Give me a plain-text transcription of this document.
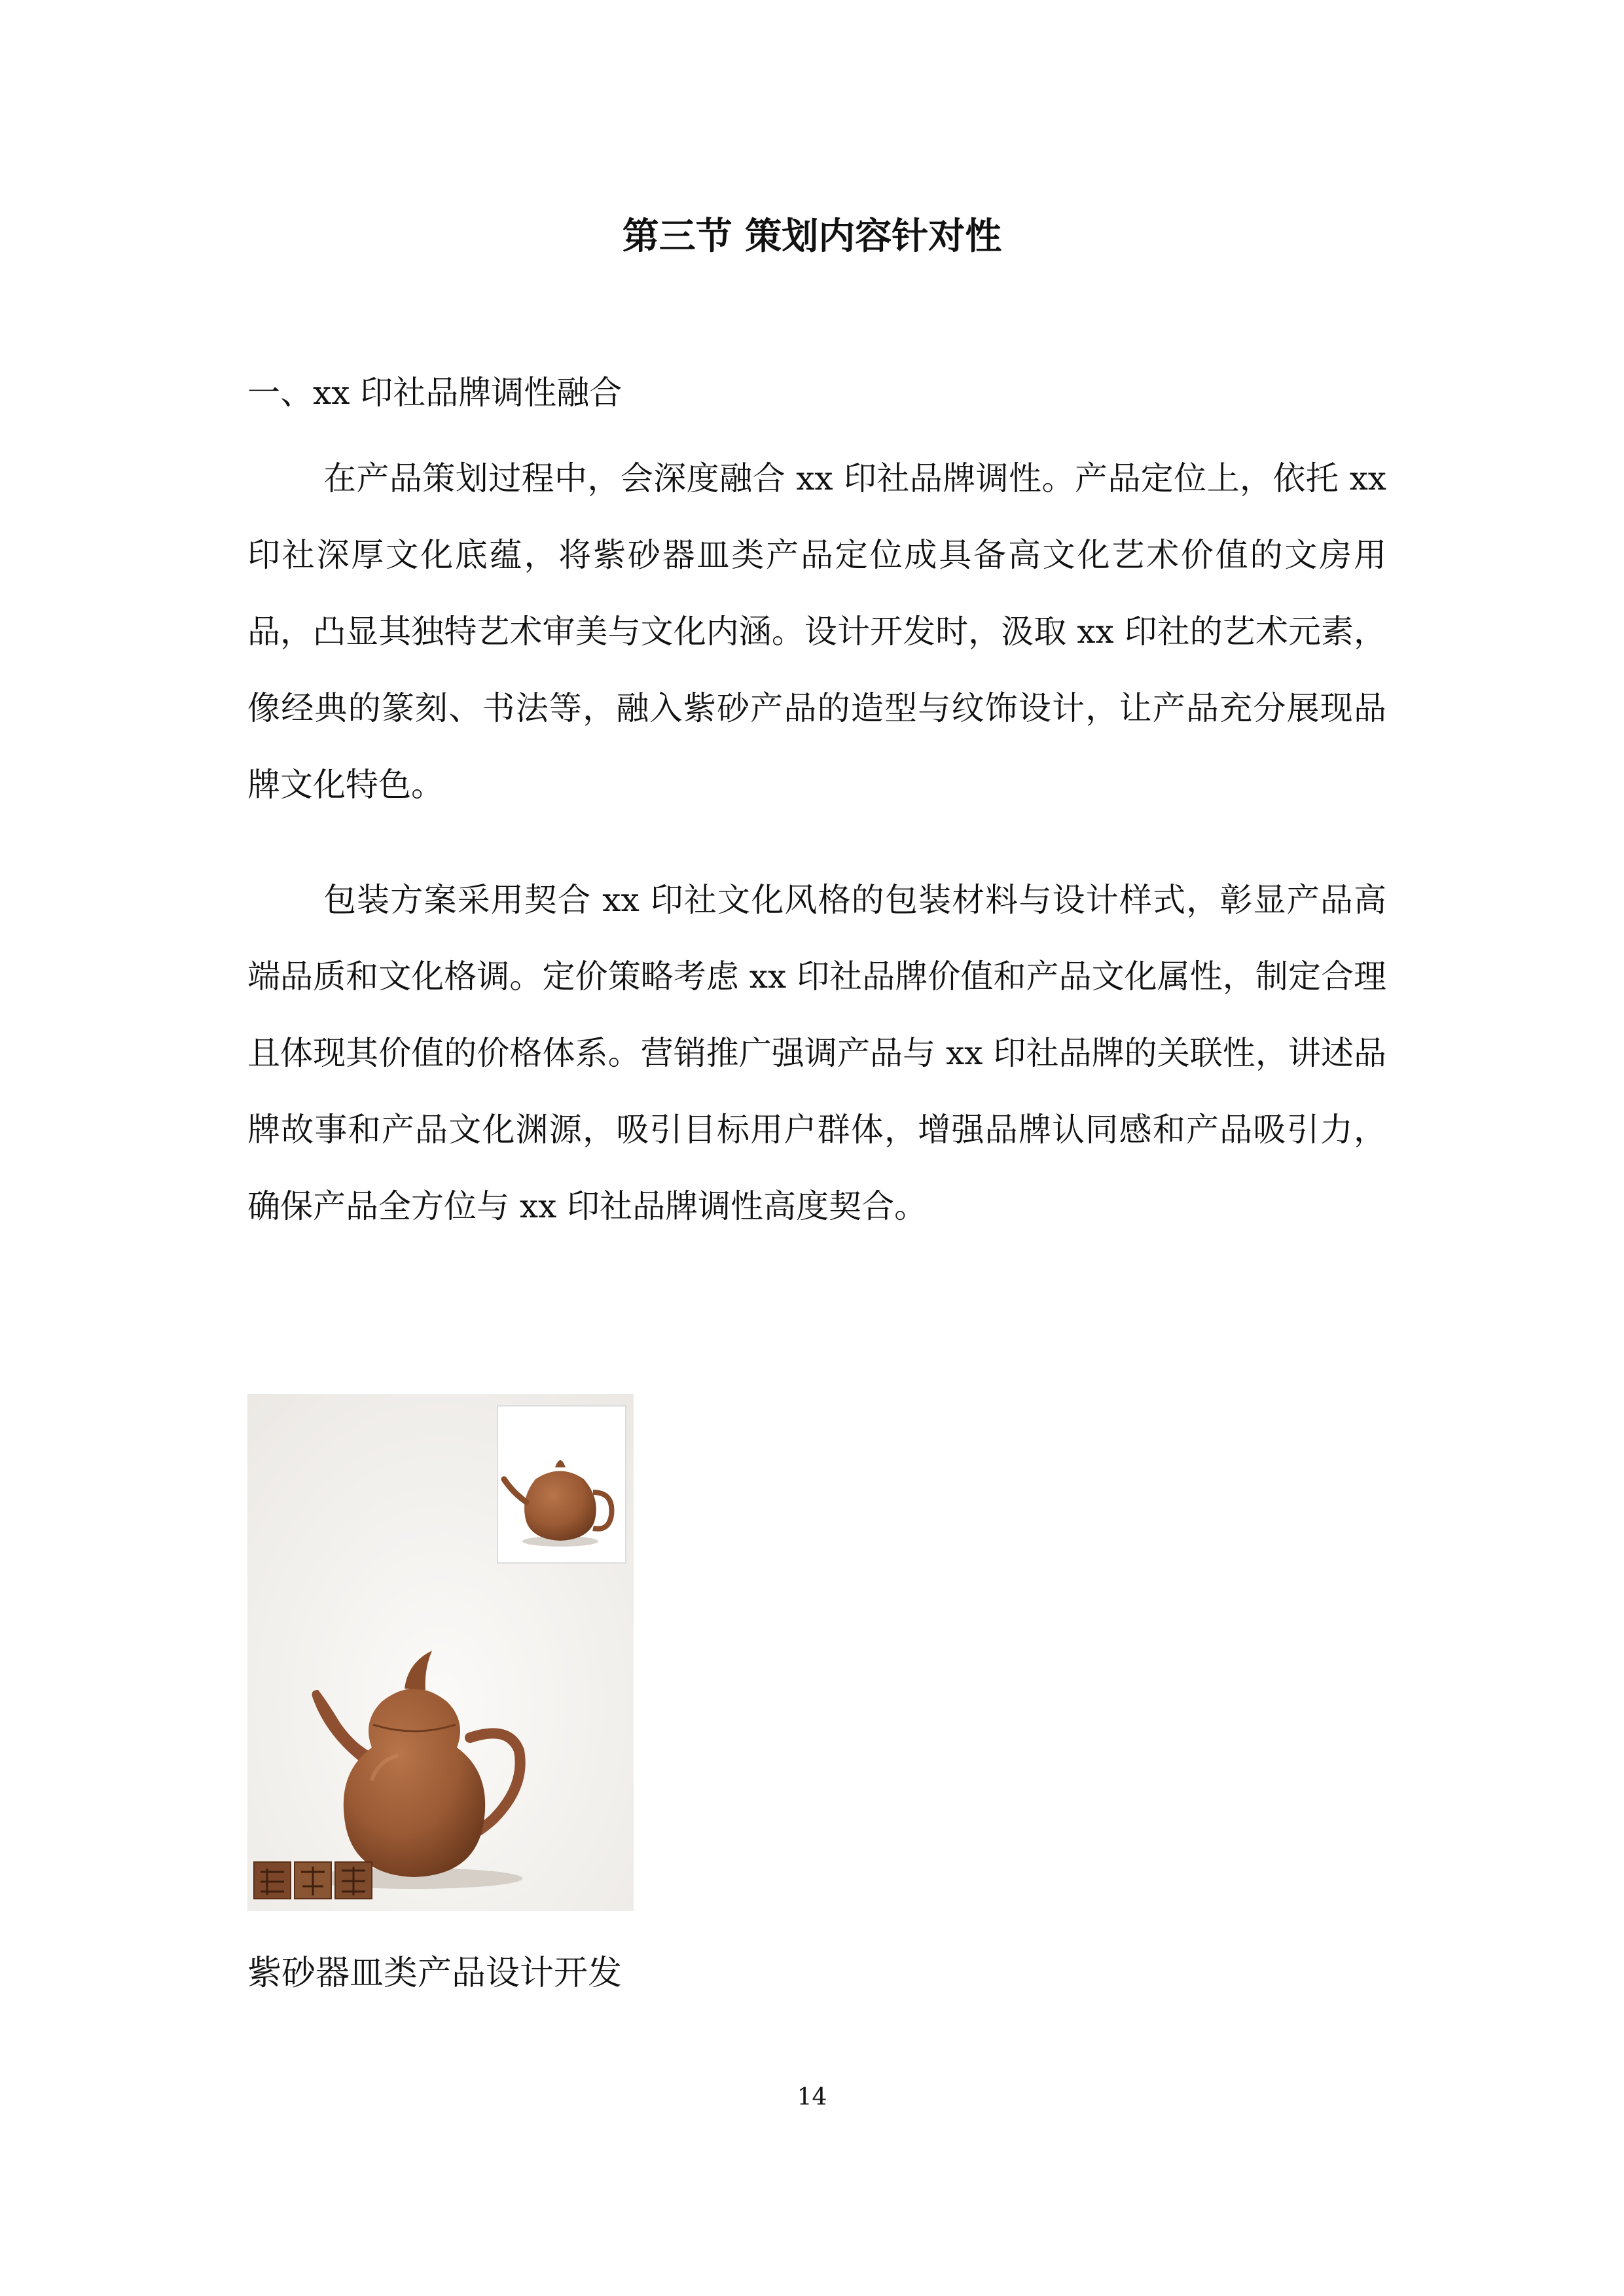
第三节 策划内容针对性
一、xx 印社品牌调性融合

在产品策划过程中，会深度融合 xx 印社品牌调性。产品定位上，依托 xx 印社深厚文化底蕴，将紫砂器皿类产品定位成具备高文化艺术价值的文房用品，凸显其独特艺术审美与文化内涵。设计开发时，汲取 xx 印社的艺术元素，像经典的篆刻、书法等，融入紫砂产品的造型与纹饰设计，让产品充分展现品牌文化特色。

包装方案采用契合 xx 印社文化风格的包装材料与设计样式，彰显产品高端品质和文化格调。定价策略考虑 xx 印社品牌价值和产品文化属性，制定合理且体现其价值的价格体系。营销推广强调产品与 xx 印社品牌的关联性，讲述品牌故事和产品文化渊源，吸引目标用户群体，增强品牌认同感和产品吸引力，确保产品全方位与 xx 印社品牌调性高度契合。

紫砂器皿类产品设计开发
14
